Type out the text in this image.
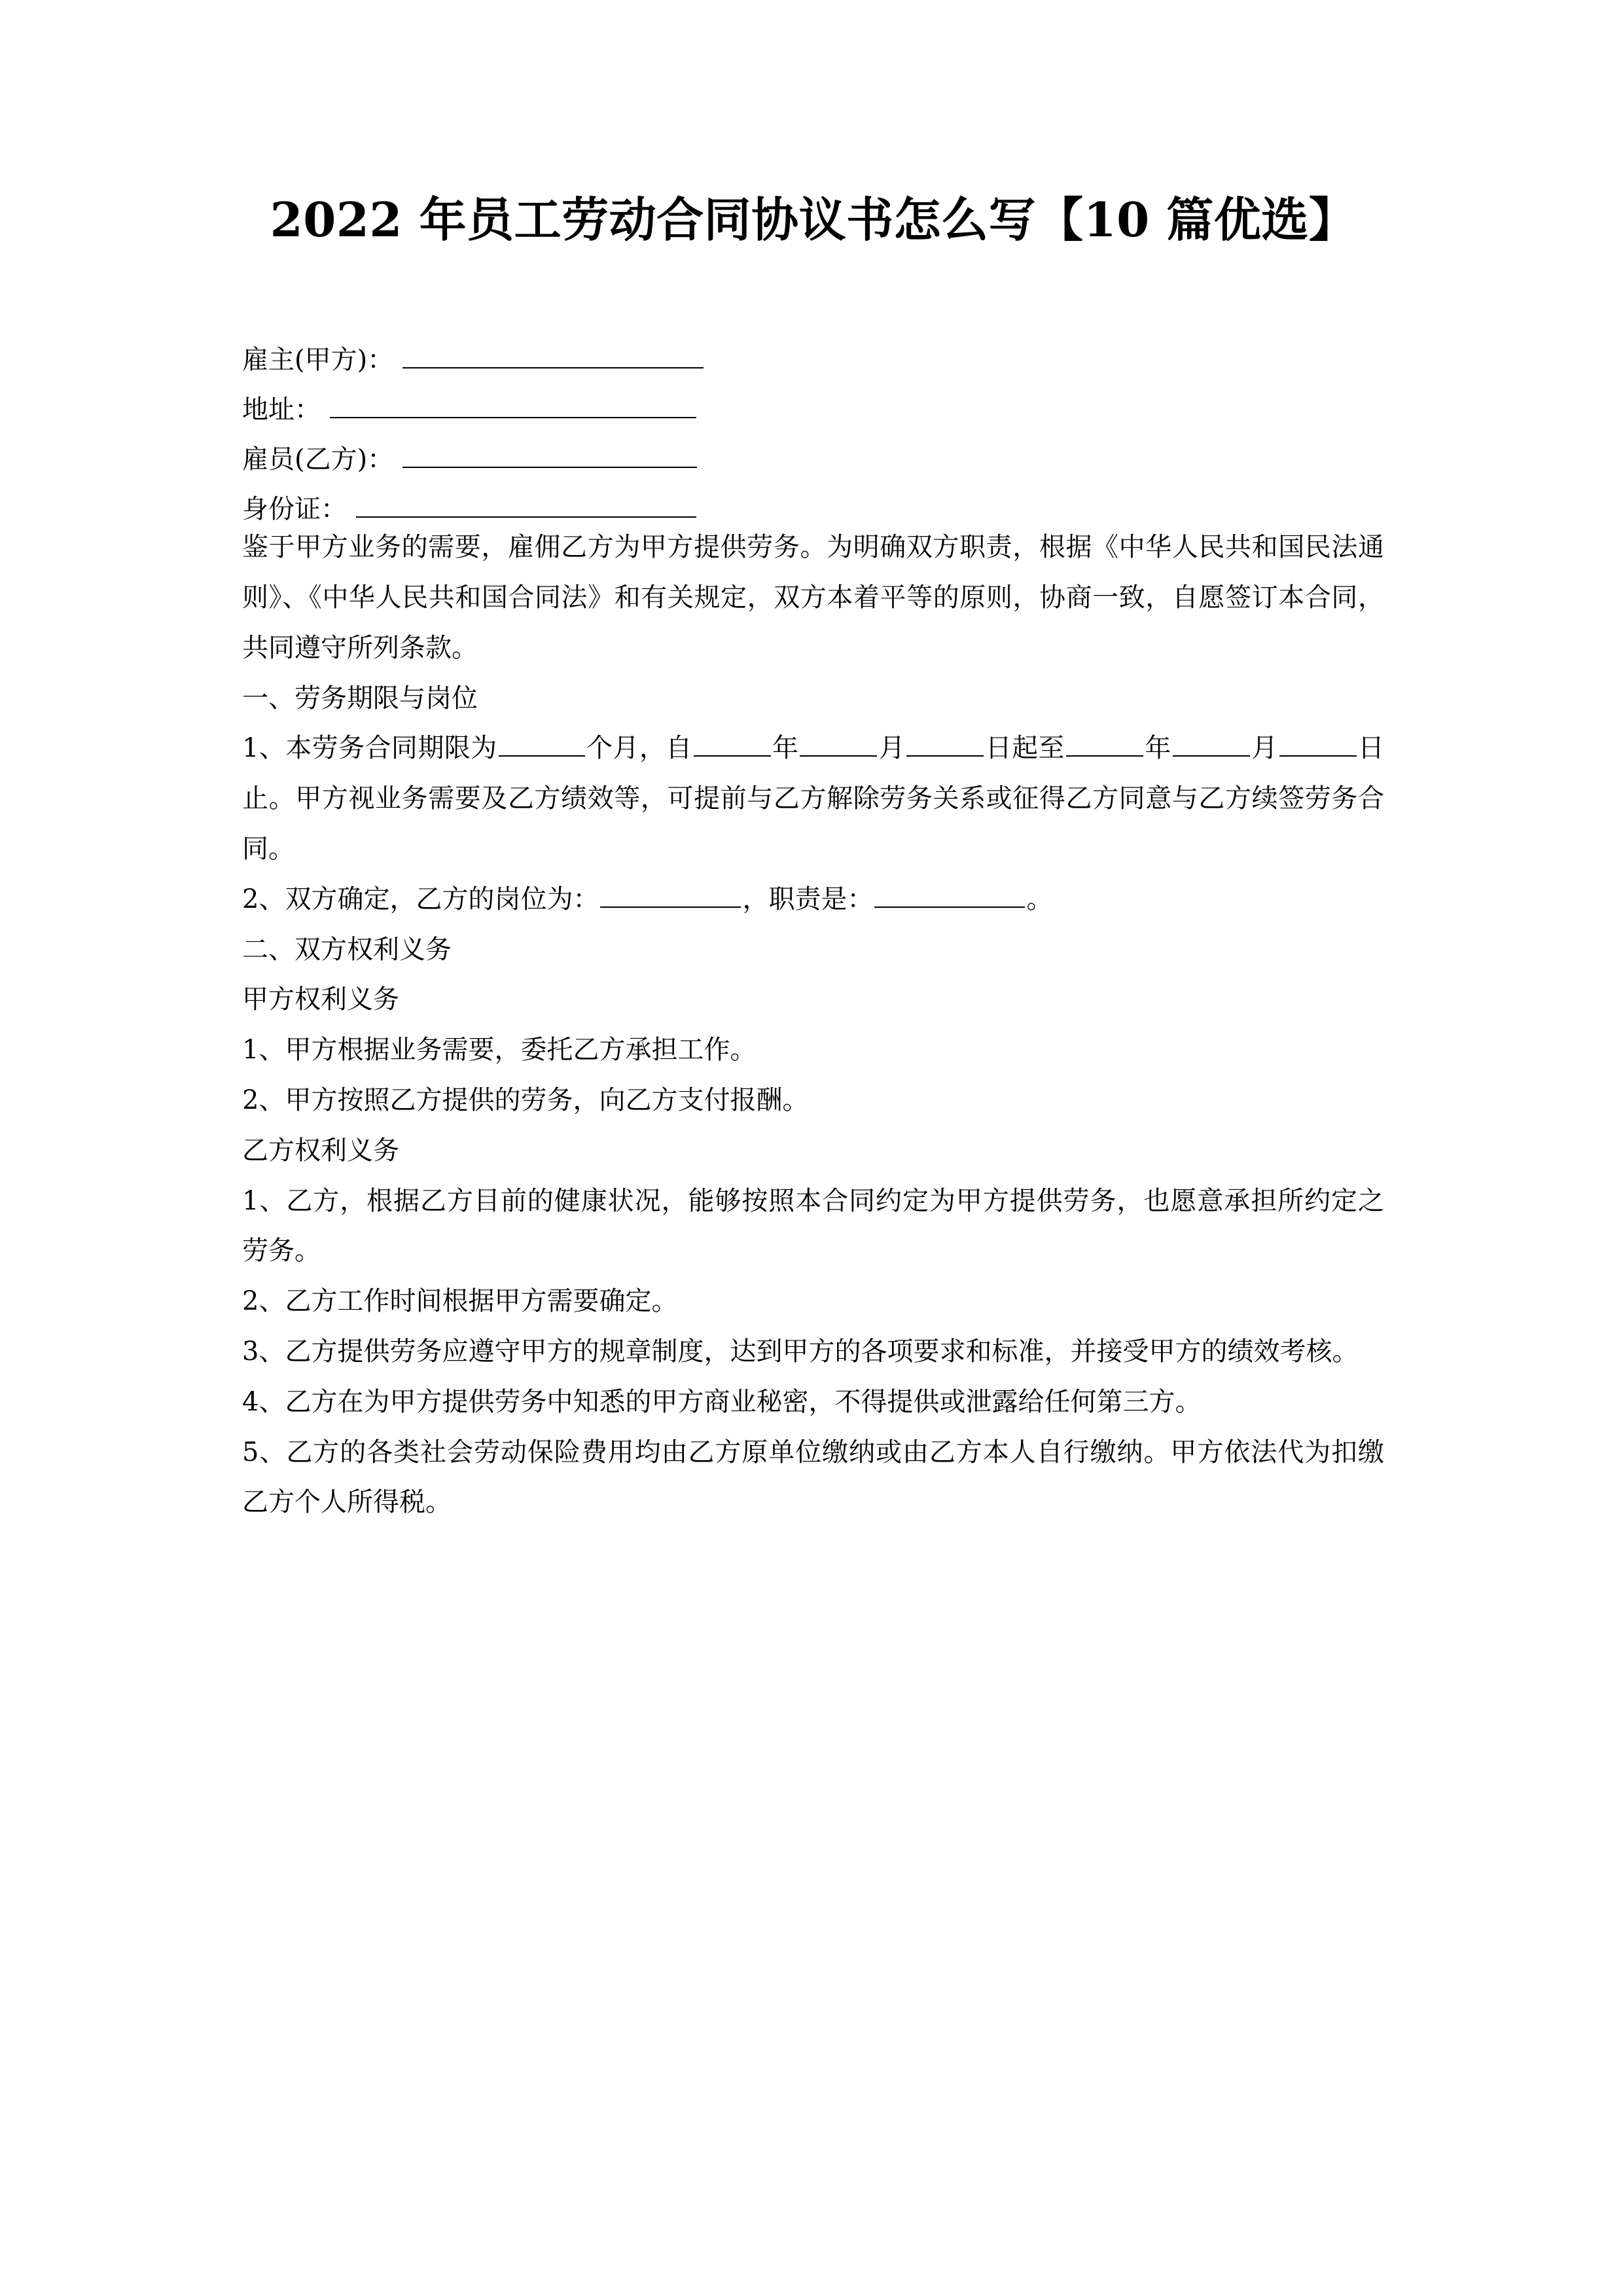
2022 年员工劳动合同协议书怎么写【10 篇优选】
雇主(甲方)：
地址：
雇员(乙方)：
身份证：

鉴于甲方业务的需要，雇佣乙方为甲方提供劳务。为明确双方职责，根据《中华人民共和国民法通则》、《中华人民共和国合同法》和有关规定，双方本着平等的原则，协商一致，自愿签订本合同，共同遵守所列条款。

一、劳务期限与岗位

1、本劳务合同期限为	个月，自	年	月	日起至	年	月	日止。甲方视业务需要及乙方绩效等，可提前与乙方解除劳务关系或征得乙方同意与乙方续签劳务合同。

2、双方确定，乙方的岗位为：	，职责是：	。

二、双方权利义务

甲方权利义务

1、甲方根据业务需要，委托乙方承担工作。

2、甲方按照乙方提供的劳务，向乙方支付报酬。

乙方权利义务

1、乙方，根据乙方目前的健康状况，能够按照本合同约定为甲方提供劳务，也愿意承担所约定之劳务。

2、乙方工作时间根据甲方需要确定。

3、乙方提供劳务应遵守甲方的规章制度，达到甲方的各项要求和标准，并接受甲方的绩效考核。

4、乙方在为甲方提供劳务中知悉的甲方商业秘密，不得提供或泄露给任何第三方。

5、乙方的各类社会劳动保险费用均由乙方原单位缴纳或由乙方本人自行缴纳。甲方依法代为扣缴乙方个人所得税。
